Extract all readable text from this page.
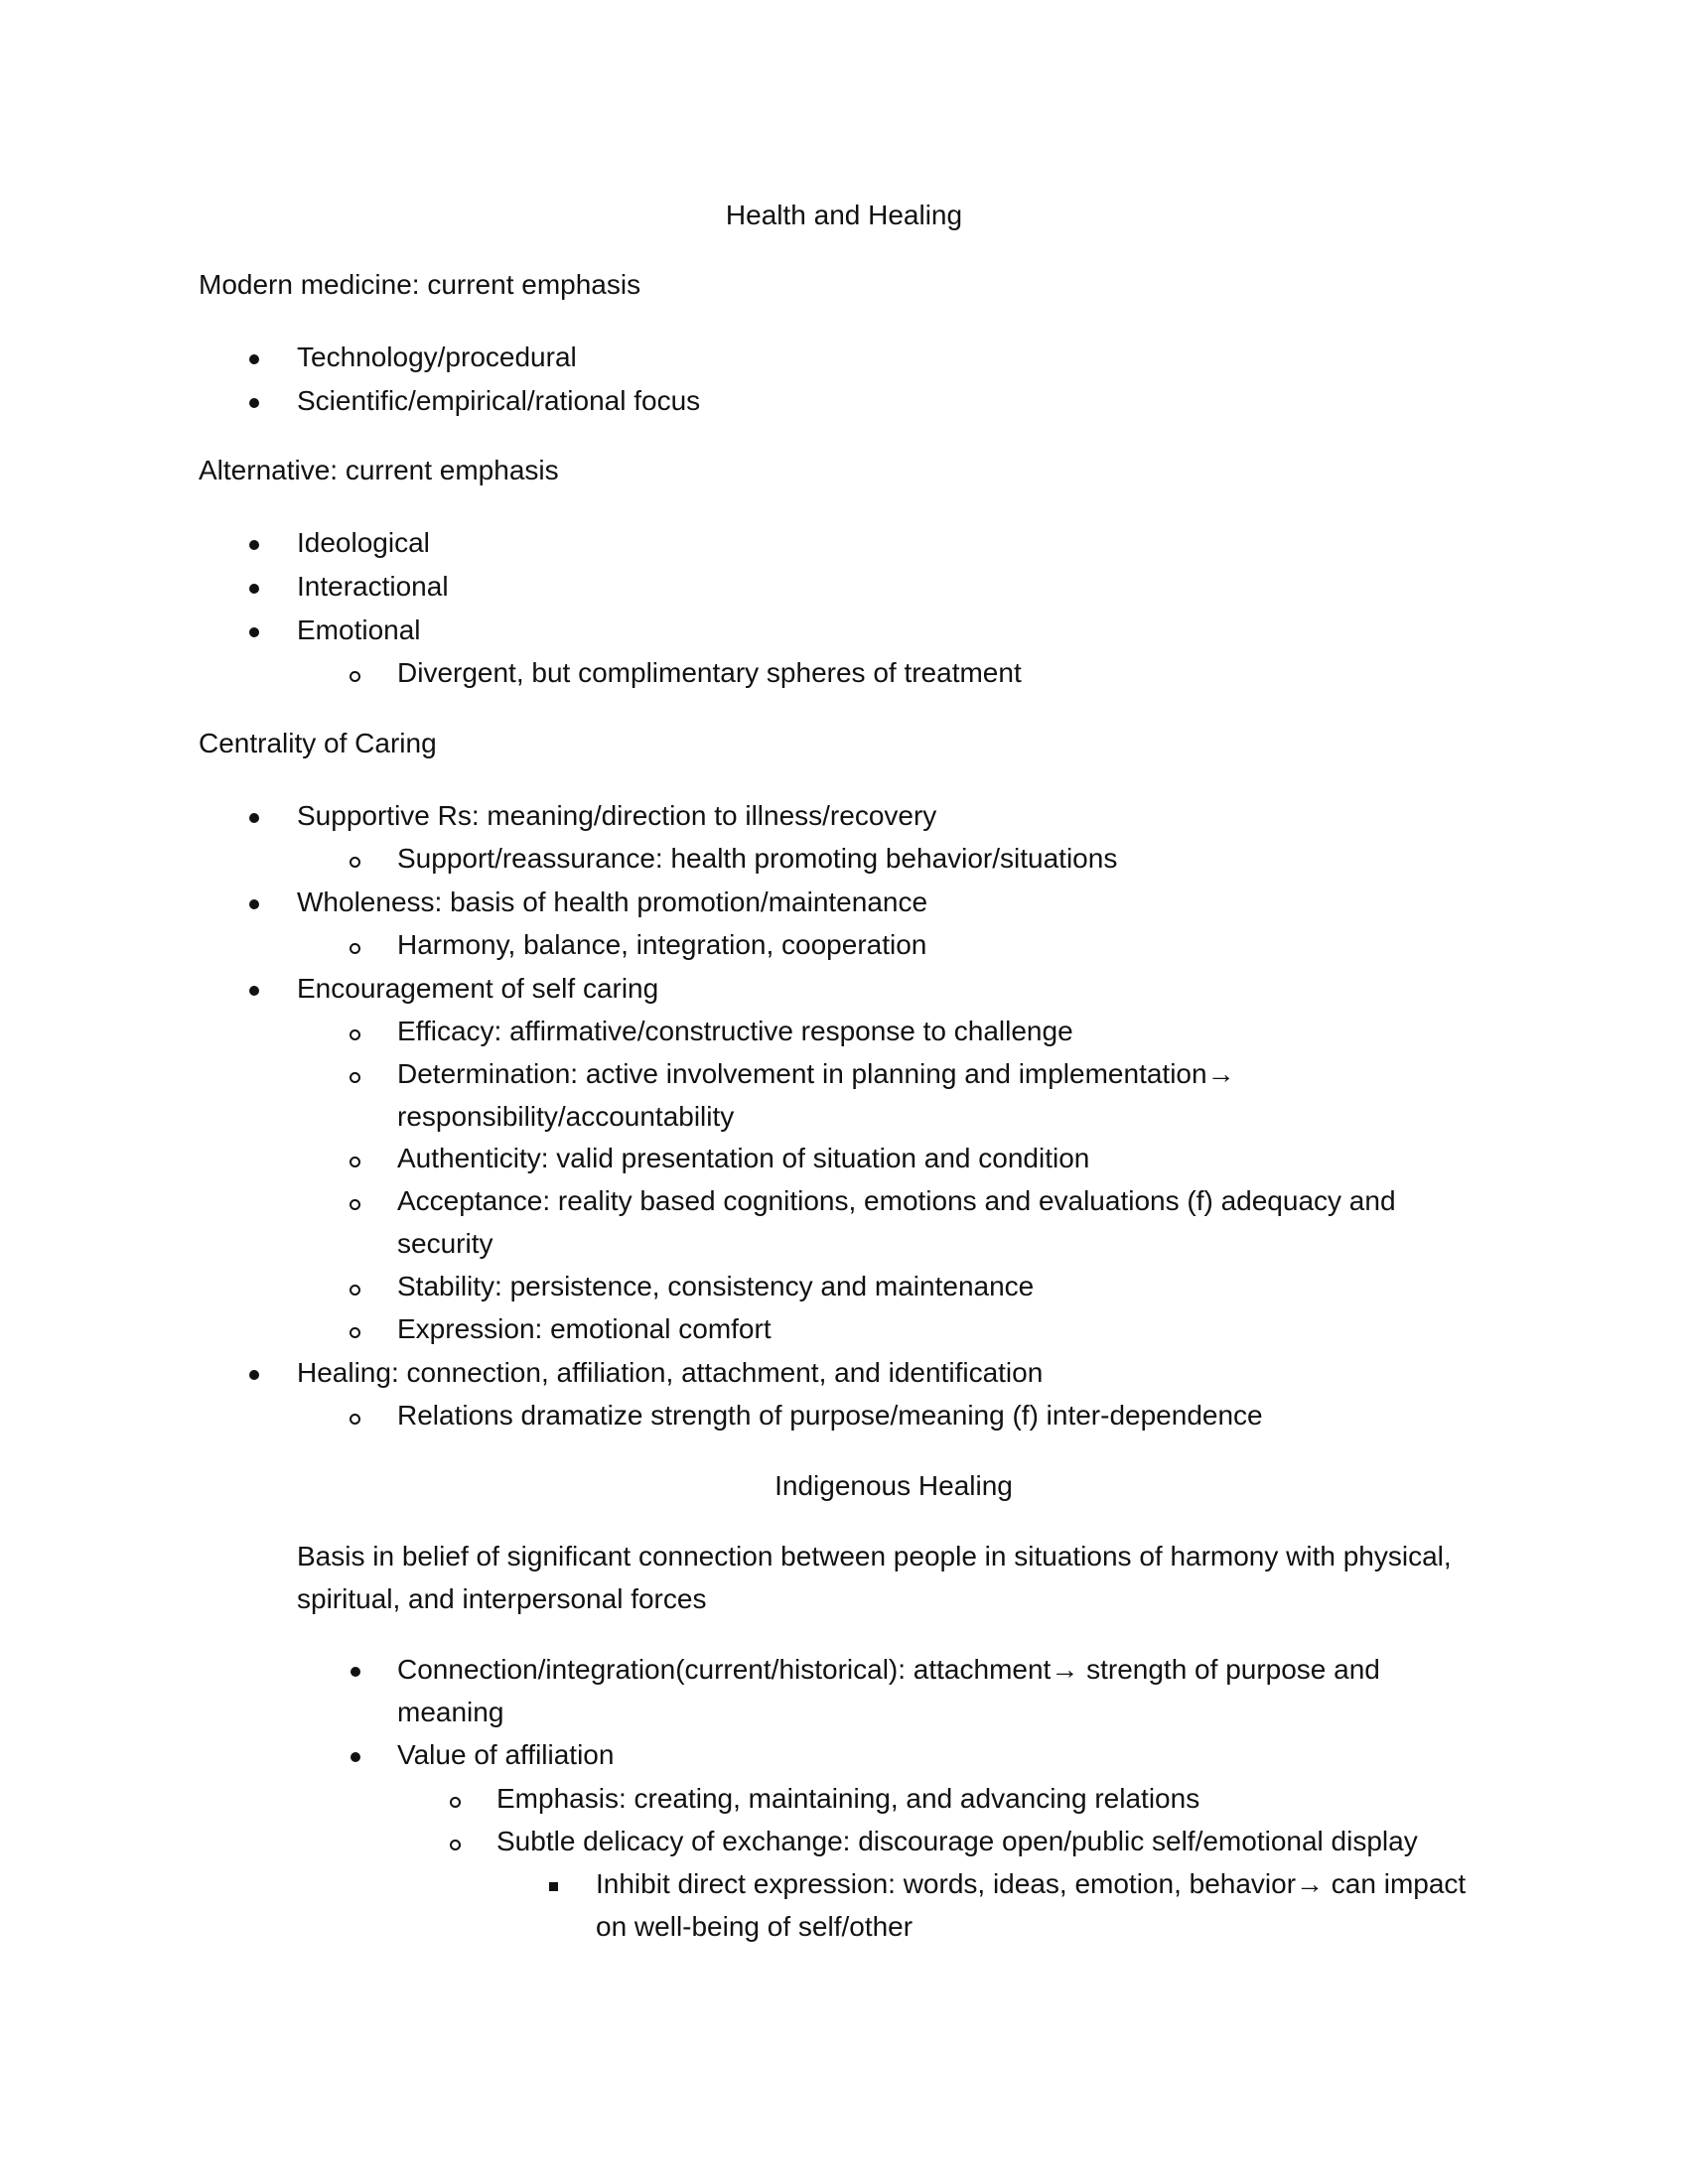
Health and Healing
Modern medicine: current emphasis
Technology/procedural
Scientific/empirical/rational focus
Alternative: current emphasis
Ideological
Interactional
Emotional
Divergent, but complimentary spheres of treatment
Centrality of Caring
Supportive Rs: meaning/direction to illness/recovery
Support/reassurance: health promoting behavior/situations
Wholeness: basis of health promotion/maintenance
Harmony, balance, integration, cooperation
Encouragement of self caring
Efficacy: affirmative/constructive response to challenge
Determination: active involvement in planning and implementation→
responsibility/accountability
Authenticity: valid presentation of situation and condition
Acceptance: reality based cognitions, emotions and evaluations (f) adequacy and
security
Stability: persistence, consistency and maintenance
Expression: emotional comfort
Healing: connection, affiliation, attachment, and identification
Relations dramatize strength of purpose/meaning (f) inter-dependence
Indigenous Healing
Basis in belief of significant connection between people in situations of harmony with physical,
spiritual, and interpersonal forces
Connection/integration(current/historical): attachment→ strength of purpose and
meaning
Value of affiliation
Emphasis: creating, maintaining, and advancing relations
Subtle delicacy of exchange: discourage open/public self/emotional display
Inhibit direct expression: words, ideas, emotion, behavior→ can impact
on well-being of self/other
